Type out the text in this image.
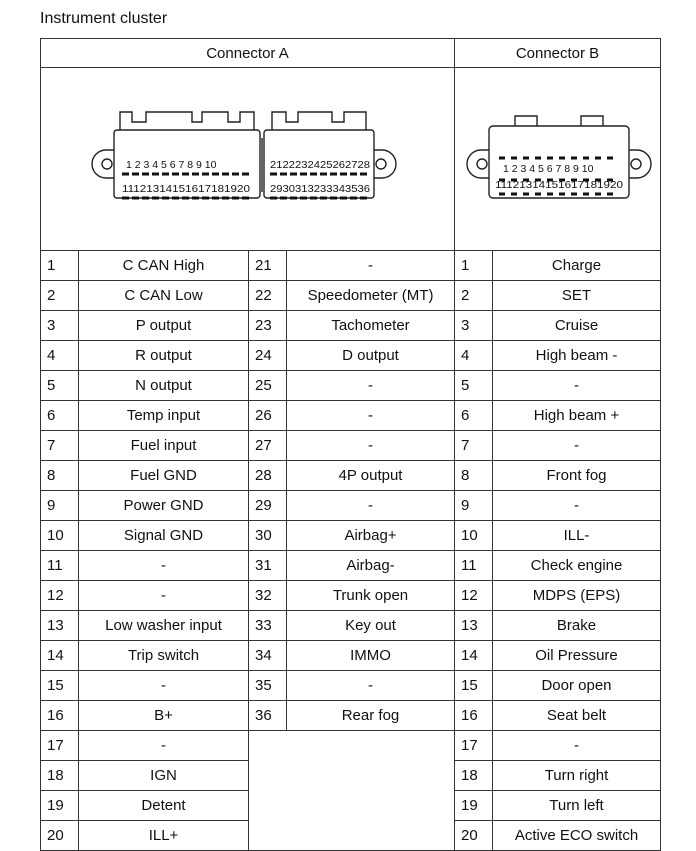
Instrument cluster
Connector A				Connector B	

1 2 3 4 5 6 7 8 9 10
11121314151617181920
2122232425262728
2930313233343536				1 2 3 4 5 6 7 8 9 10
11121314151617181920	

1	C CAN High	21	-	1	Charge
2	C CAN Low	22	Speedometer (MT)	2	SET
3	P output	23	Tachometer	3	Cruise
4	R output	24	D output	4	High beam -
5	N output	25	-	5	-
6	Temp input	26	-	6	High beam +
7	Fuel input	27	-	7	-
8	Fuel GND	28	4P output	8	Front fog
9	Power GND	29	-	9	-
10	Signal GND	30	Airbag+	10	ILL-
11	-	31	Airbag-	11	Check engine
12	-	32	Trunk open	12	MDPS (EPS)
13	Low washer input	33	Key out	13	Brake
14	Trip switch	34	IMMO	14	Oil Pressure
15	-	35	-	15	Door open
16	B+	36	Rear fog	16	Seat belt
17	-			17	-
18	IGN			18	Turn right
19	Detent			19	Turn left
20	ILL+			20	Active ECO switch
